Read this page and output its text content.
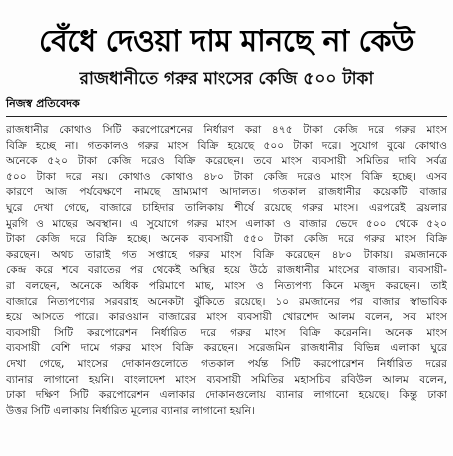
বেঁধে দেওয়া দাম মানছে না কেউ
রাজধানীতে গরুর মাংসের কেজি ৫০০ টাকা
নিজস্ব প্রতিবেদক
রাজধানীর কোথাও সিটি করপোরেশনের নির্ধারণ করা ৪৭৫ টাকা কেজি দরে গরুর মাংস
বিক্রি হচ্ছে না। গতকালও গরুর মাংস বিক্রি হয়েছে ৫০০ টাকা দরে। সুযোগ বুঝে কোথাও
অনেকে ৫২০ টাকা কেজি দরেও বিক্রি করেছেন। তবে মাংস ব্যবসায়ী সমিতির দাবি সর্বত্র
৫০০ টাকা দরে নয়। কোথাও কোথাও ৪৮০ টাকা কেজি দরেও মাংস বিক্রি হচ্ছে। এসব
কারণে আজ পর্যবেক্ষণে নামছে ভ্রাম্যমাণ আদালত। গতকাল রাজধানীর কয়েকটি বাজার
ঘুরে দেখা গেছে, বাজারে চাহিদার তালিকায় শীর্ষে রয়েছে গরুর মাংস। এরপরেই ব্রয়লার
মুরগি ও মাছের অবস্থান। এ সুযোগে গরুর মাংস এলাকা ও বাজার ভেদে ৫০০ থেকে ৫২০
টাকা কেজি দরে বিক্রি হচ্ছে। অনেক ব্যবসায়ী ৫৫০ টাকা কেজি দরে গরুর মাংস বিক্রি
করছেন। অথচ তারাই গত সপ্তাহে গরুর মাংস বিক্রি করেছেন ৪৮০ টাকায়। রমজানকে
কেন্দ্র করে শবে বরাতের পর থেকেই অস্থির হয়ে উঠে রাজধানীর মাংসের বাজার। ব্যবসায়ী-
রা বলছেন, অনেকে অধিক পরিমাণে মাছ, মাংস ও নিত্যপণ্য কিনে মজুদ করছেন। তাই
বাজারে নিত্যপণ্যের সরবরাহ অনেকটা ঝুঁকিতে রয়েছে। ১০ রমজানের পর বাজার স্বাভাবিক
হয়ে আসতে পারে। কারওয়ান বাজারের মাংস ব্যবসায়ী খোরশেদ আলম বলেন, সব মাংস
ব্যবসায়ী সিটি করপোরেশন নির্ধারিত দরে গরুর মাংস বিক্রি করেননি। অনেক মাংস
ব্যবসায়ী বেশি দামে গরুর মাংস বিক্রি করছেন। সরেজমিন রাজধানীর বিভিন্ন এলাকা ঘুরে
দেখা গেছে, মাংসের দোকানগুলোতে গতকাল পর্যন্ত সিটি করপোরেশন নির্ধারিত দরের
ব্যানার লাগানো হয়নি। বাংলাদেশ মাংস ব্যবসায়ী সমিতির মহাসচিব রবিউল আলম বলেন,
ঢাকা দক্ষিণ সিটি করপোরেশন এলাকার দোকানগুলোয় ব্যানার লাগানো হয়েছে। কিন্তু ঢাকা
উত্তর সিটি এলাকায় নির্ধারিত মূল্যের ব্যানার লাগানো হয়নি।
